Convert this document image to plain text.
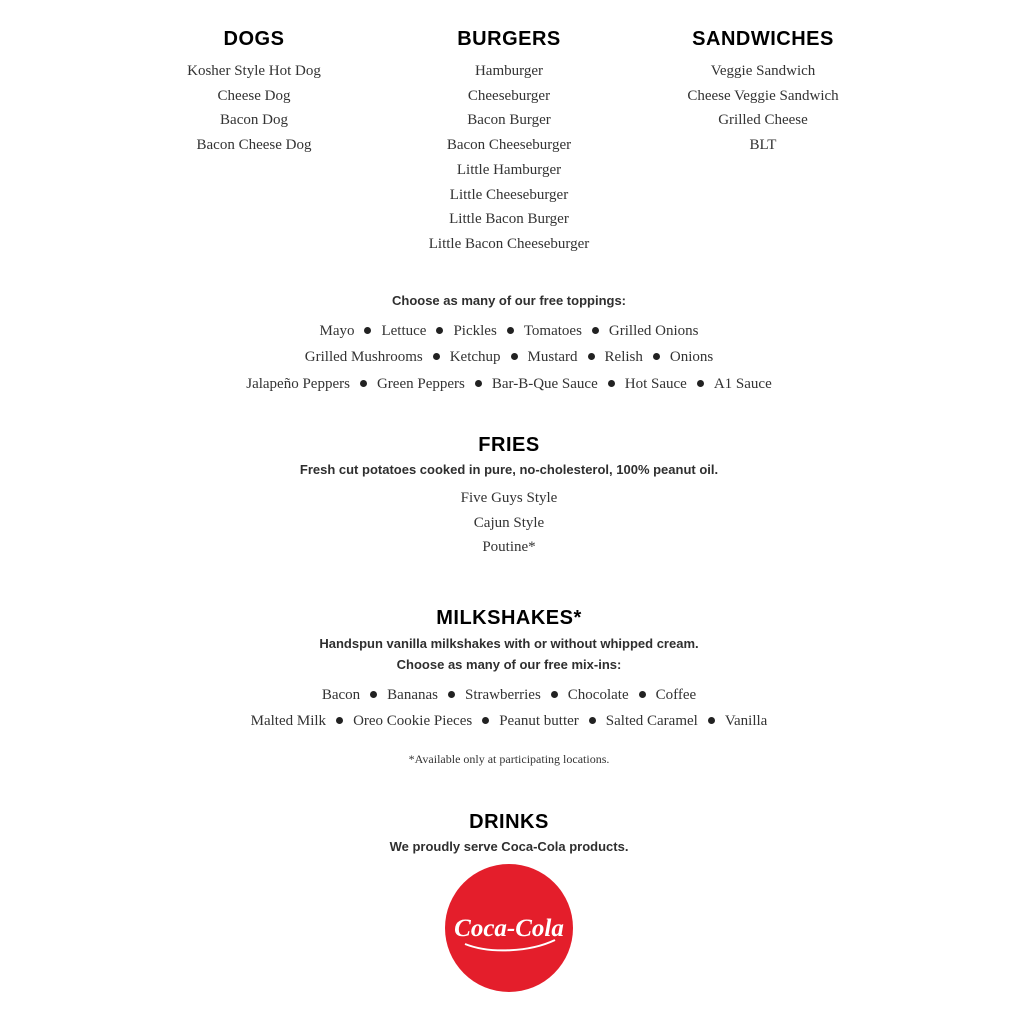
DOGS
Kosher Style Hot Dog
Cheese Dog
Bacon Dog
Bacon Cheese Dog
BURGERS
Hamburger
Cheeseburger
Bacon Burger
Bacon Cheeseburger
Little Hamburger
Little Cheeseburger
Little Bacon Burger
Little Bacon Cheeseburger
SANDWICHES
Veggie Sandwich
Cheese Veggie Sandwich
Grilled Cheese
BLT

Choose as many of our free toppings:

Mayo Lettuce Pickles Tomatoes Grilled Onions
Grilled Mushrooms Ketchup Mustard Relish Onions
Jalapeño Peppers Green Peppers Bar-B-Que Sauce Hot Sauce A1 Sauce
FRIES

Fresh cut potatoes cooked in pure, no-cholesterol, 100% peanut oil.

Five Guys Style
Cajun Style
Poutine*
MILKSHAKES*

Handspun vanilla milkshakes with or without whipped cream.

Choose as many of our free mix-ins:

Bacon Bananas Strawberries Chocolate Coffee
Malted Milk Oreo Cookie Pieces Peanut butter Salted Caramel Vanilla

*Available only at participating locations.

DRINKS

We proudly serve Coca-Cola products.

Coca-Cola
